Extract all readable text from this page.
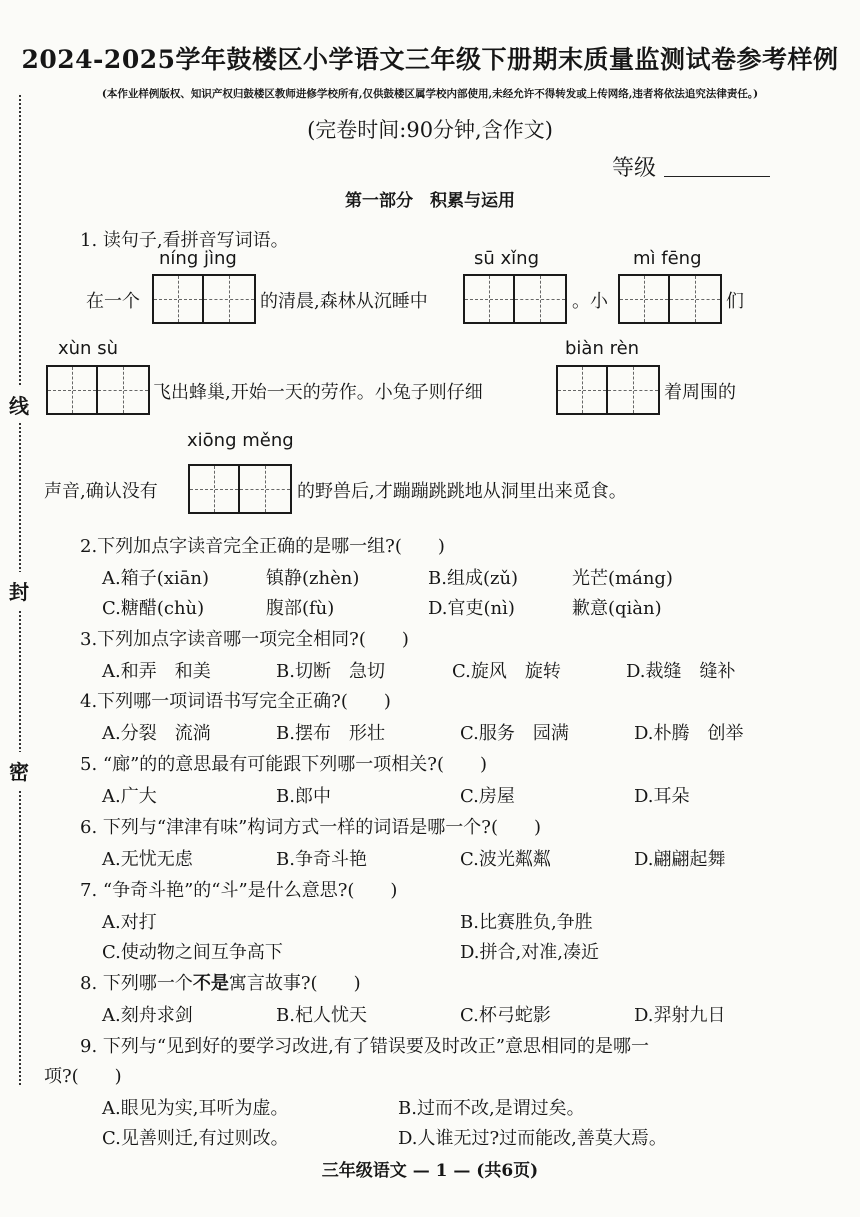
线
封
密
2024-2025学年鼓楼区小学语文三年级下册期末质量监测试卷参考样例
(本作业样例版权、知识产权归鼓楼区教师进修学校所有,仅供鼓楼区属学校内部使用,未经允许不得转发或上传网络,违者将依法追究法律责任。)
(完卷时间:90分钟,含作文)
等级
第一部分　积累与运用
1. 读句子,看拼音写词语。
níng jìng	sū xǐng	mì fēng
在一个	的清晨,森林从沉睡中	。小	们
xùn sù	biàn rèn
飞出蜂巢,开始一天的劳作。小兔子则仔细	着周围的
xiōng měng
声音,确认没有	的野兽后,才蹦蹦跳跳地从洞里出来觅食。
2.下列加点字读音完全正确的是哪一组?(　　)
A.箱子(xiān)	镇静(zhèn)	B.组成(zǔ)	光芒(máng)
C.糖醋(chù)	腹部(fù)	D.官吏(nì)	歉意(qiàn)
3.下列加点字读音哪一项完全相同?(　　)
A.和弄　和美	B.切断　急切	C.旋风　旋转	D.裁缝　缝补
4.下列哪一项词语书写完全正确?(　　)
A.分裂　流淌	B.摆布　形壮	C.服务　园满	D.朴腾　创举
5. “廊”的的意思最有可能跟下列哪一项相关?(　　)
A.广大	B.郎中	C.房屋	D.耳朵
6. 下列与“津津有味”构词方式一样的词语是哪一个?(　　)
A.无忧无虑	B.争奇斗艳	C.波光粼粼	D.翩翩起舞
7. “争奇斗艳”的“斗”是什么意思?(　　)
A.对打	B.比赛胜负,争胜
C.使动物之间互争高下	D.拼合,对准,凑近
8. 下列哪一个不是寓言故事?(　　)
A.刻舟求剑	B.杞人忧天	C.杯弓蛇影	D.羿射九日
9. 下列与“见到好的要学习改进,有了错误要及时改正”意思相同的是哪一
项?(　　)
A.眼见为实,耳听为虚。	B.过而不改,是谓过矣。
C.见善则迁,有过则改。	D.人谁无过?过而能改,善莫大焉。
三年级语文 — 1 — (共6页)
